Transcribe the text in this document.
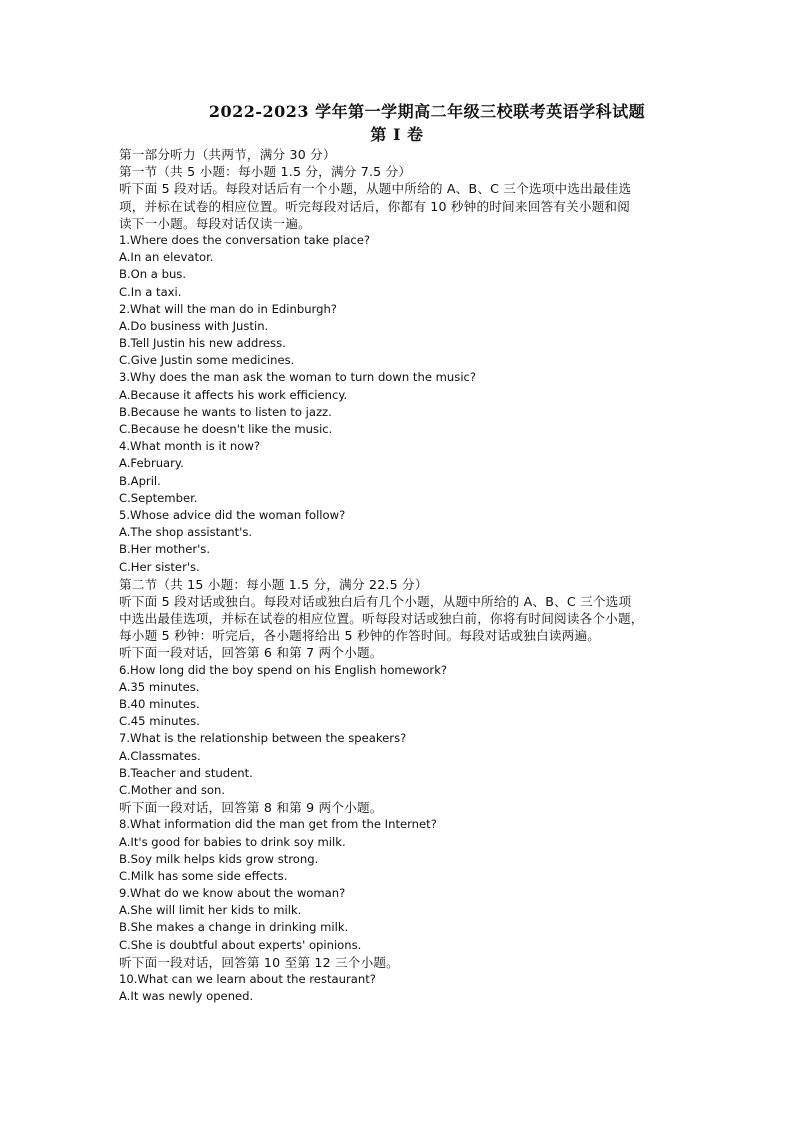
2022-2023 学年第一学期高二年级三校联考英语学科试题
第 I 卷
第一部分听力（共两节，满分 30 分）
第一节（共 5 小题：每小题 1.5 分，满分 7.5 分）
听下面 5 段对话。每段对话后有一个小题，从题中所给的 A、B、C 三个选项中选出最佳选
项，并标在试卷的相应位置。听完每段对话后，你都有 10 秒钟的时间来回答有关小题和阅
读下一小题。每段对话仅读一遍。
1.Where does the conversation take place?
A.In an elevator.
B.On a bus.
C.In a taxi.
2.What will the man do in Edinburgh?
A.Do business with Justin.
B.Tell Justin his new address.
C.Give Justin some medicines.
3.Why does the man ask the woman to turn down the music?
A.Because it affects his work efficiency.
B.Because he wants to listen to jazz.
C.Because he doesn't like the music.
4.What month is it now?
A.February.
B.April.
C.September.
5.Whose advice did the woman follow?
A.The shop assistant's.
B.Her mother's.
C.Her sister's.
第二节（共 15 小题：每小题 1.5 分，满分 22.5 分）
听下面 5 段对话或独白。每段对话或独白后有几个小题，从题中所给的 A、B、C 三个选项
中选出最佳选项，并标在试卷的相应位置。听每段对话或独白前，你将有时间阅读各个小题，
每小题 5 秒钟：听完后，各小题将给出 5 秒钟的作答时间。每段对话或独白读两遍。
听下面一段对话，回答第 6 和第 7 两个小题。
6.How long did the boy spend on his English homework?
A.35 minutes.
B.40 minutes.
C.45 minutes.
7.What is the relationship between the speakers?
A.Classmates.
B.Teacher and student.
C.Mother and son.
听下面一段对话，回答第 8 和第 9 两个小题。
8.What information did the man get from the Internet?
A.It's good for babies to drink soy milk.
B.Soy milk helps kids grow strong.
C.Milk has some side effects.
9.What do we know about the woman?
A.She will limit her kids to milk.
B.She makes a change in drinking milk.
C.She is doubtful about experts' opinions.
听下面一段对话，回答第 10 至第 12 三个小题。
10.What can we learn about the restaurant?
A.It was newly opened.
